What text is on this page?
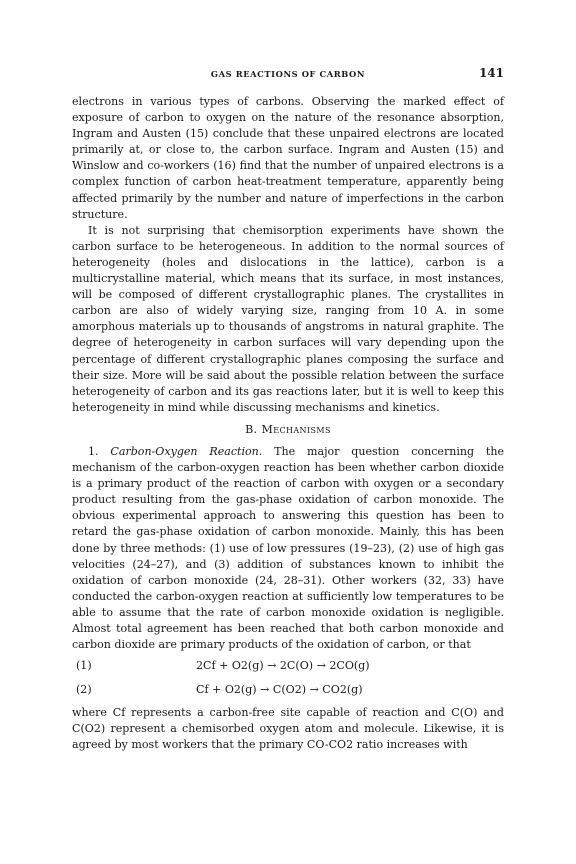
GAS REACTIONS OF CARBON	141

electrons in various types of carbons. Observing the marked effect of exposure of carbon to oxygen on the nature of the resonance absorption, Ingram and Austen (15) conclude that these unpaired electrons are located primarily at, or close to, the carbon surface. Ingram and Austen (15) and Winslow and co-workers (16) find that the number of unpaired electrons is a complex function of carbon heat-treatment temperature, apparently being affected primarily by the number and nature of imperfections in the carbon structure.

It is not surprising that chemisorption experiments have shown the carbon surface to be heterogeneous. In addition to the normal sources of heterogeneity (holes and dislocations in the lattice), carbon is a multicrystalline material, which means that its surface, in most instances, will be composed of different crystallographic planes. The crystallites in carbon are also of widely varying size, ranging from 10 A. in some amorphous materials up to thousands of angstroms in natural graphite. The degree of heterogeneity in carbon surfaces will vary depending upon the percentage of different crystallographic planes composing the surface and their size. More will be said about the possible relation between the surface heterogeneity of carbon and its gas reactions later, but it is well to keep this heterogeneity in mind while discussing mechanisms and kinetics.

B. Mechanisms

1. Carbon-Oxygen Reaction. The major question concerning the mechanism of the carbon-oxygen reaction has been whether carbon dioxide is a primary product of the reaction of carbon with oxygen or a secondary product resulting from the gas-phase oxidation of carbon monoxide. The obvious experimental approach to answering this question has been to retard the gas-phase oxidation of carbon monoxide. Mainly, this has been done by three methods: (1) use of low pressures (19–23), (2) use of high gas velocities (24–27), and (3) addition of substances known to inhibit the oxidation of carbon monoxide (24, 28–31). Other workers (32, 33) have conducted the carbon-oxygen reaction at sufficiently low temperatures to be able to assume that the rate of carbon monoxide oxidation is negligible. Almost total agreement has been reached that both carbon monoxide and carbon dioxide are primary products of the oxidation of carbon, or that

(1)	2Cf + O2(g) → 2C(O) → 2CO(g)
(2)	Cf + O2(g) → C(O2) → CO2(g)

where Cf represents a carbon-free site capable of reaction and C(O) and C(O2) represent a chemisorbed oxygen atom and molecule. Likewise, it is agreed by most workers that the primary CO-CO2 ratio increases with
